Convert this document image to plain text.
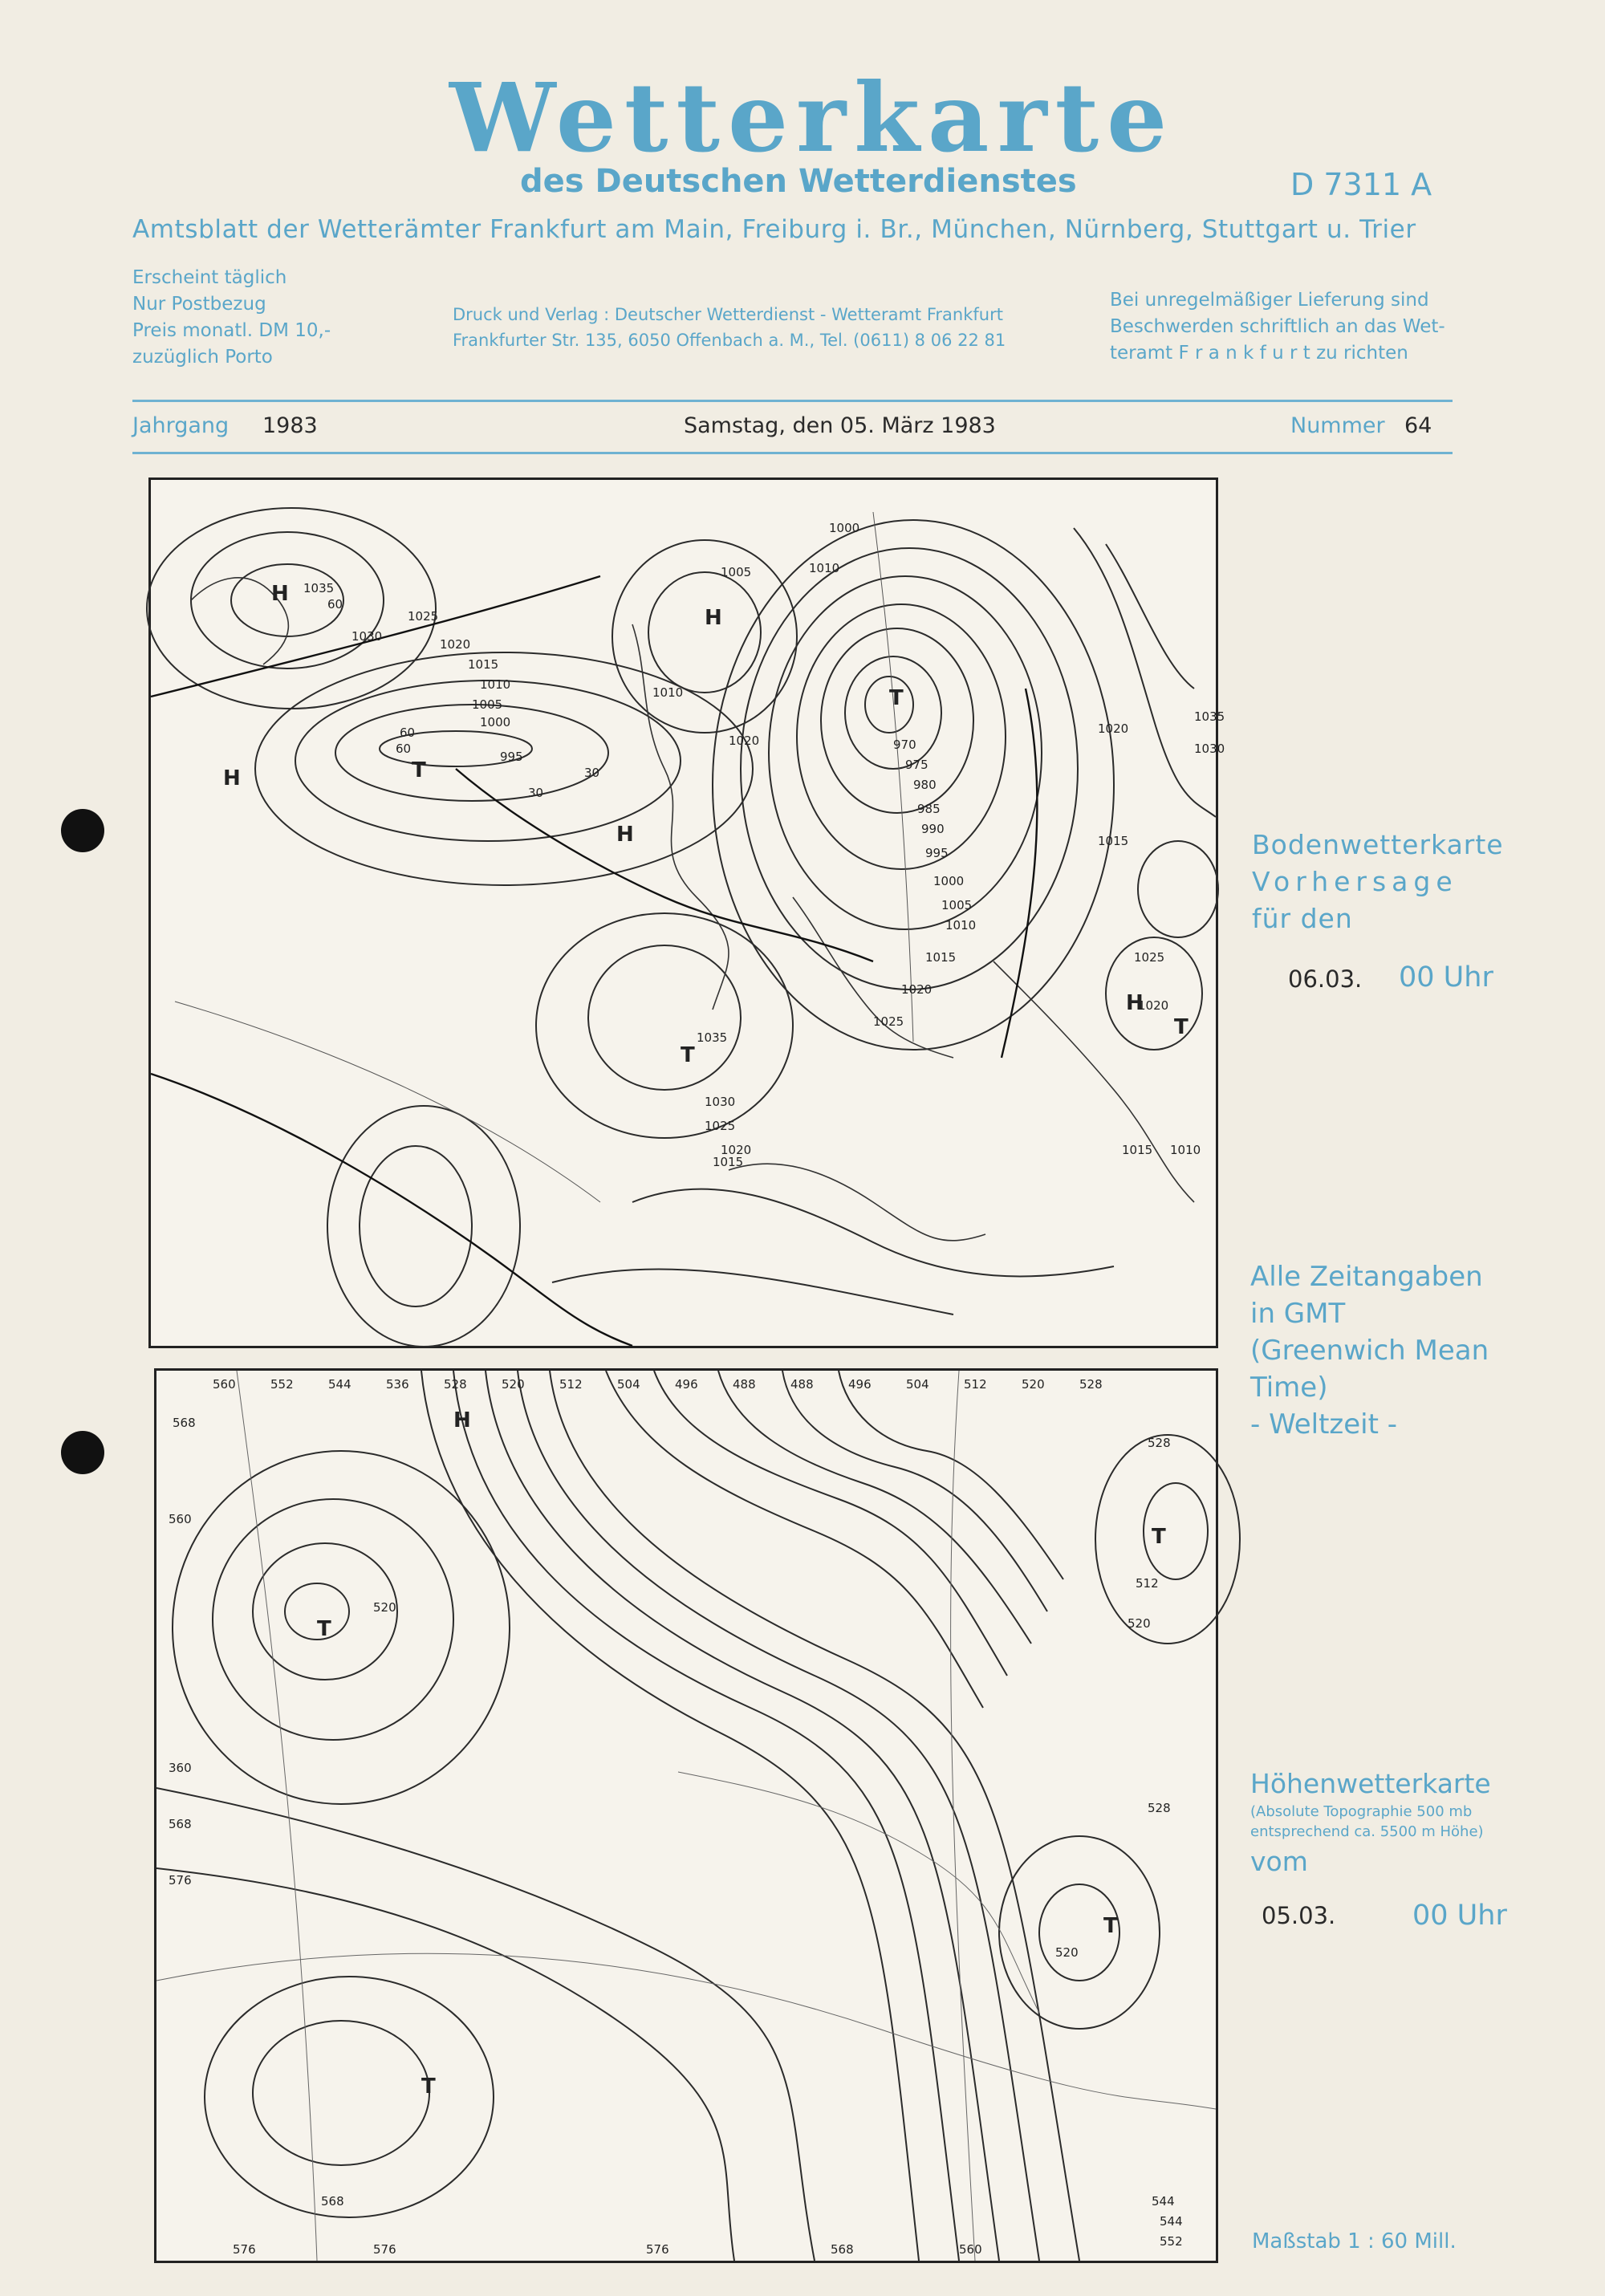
Wetterkarte
des Deutschen Wetterdienstes	D 7311 A
Amtsblatt der Wetterämter Frankfurt am Main, Freiburg i. Br., München, Nürnberg, Stuttgart u. Trier
Erscheint täglich
Nur Postbezug
Preis monatl. DM 10,-
zuzüglich Porto
Druck und Verlag : Deutscher Wetterdienst - Wetteramt Frankfurt
Frankfurter Str. 135, 6050 Offenbach a. M., Tel. (0611) 8 06 22 81
Bei unregelmäßiger Lieferung sind
Beschwerden schriftlich an das Wet-
teramt F r a n k f u r t zu richten
Jahrgang 1983	Samstag, den 05. März 1983	Nummer 64
1035
1030
1025
1020
1015
1010
1005
1000
995
970
975
980
985
990
995
1000
1005
1010
1015
1020
1025
1035
1030
1025
1020
1015
1010
1020
1025
1015
1020
1035
1030
1020
1015 1010
1000
1010
1005
60
60
60
30
30
H
H
H
H
H
T
T
T
T
560	552	544	536	528	520	512	504	496	488	488	496	504	512	520	528
568
560
520
T
T
T
T
H
512
520
528
520
360
568
576
568
576	576	576	568	560
544
552
544
528
Bodenwetterkarte
Vorhersage
für den
06.03. 00 Uhr
Alle Zeitangaben
in GMT
(Greenwich Mean
Time)
- Weltzeit -
Höhenwetterkarte
(Absolute Topographie 500 mb
entsprechend ca. 5500 m Höhe)
vom
05.03.	00 Uhr
Maßstab 1 : 60 Mill.
